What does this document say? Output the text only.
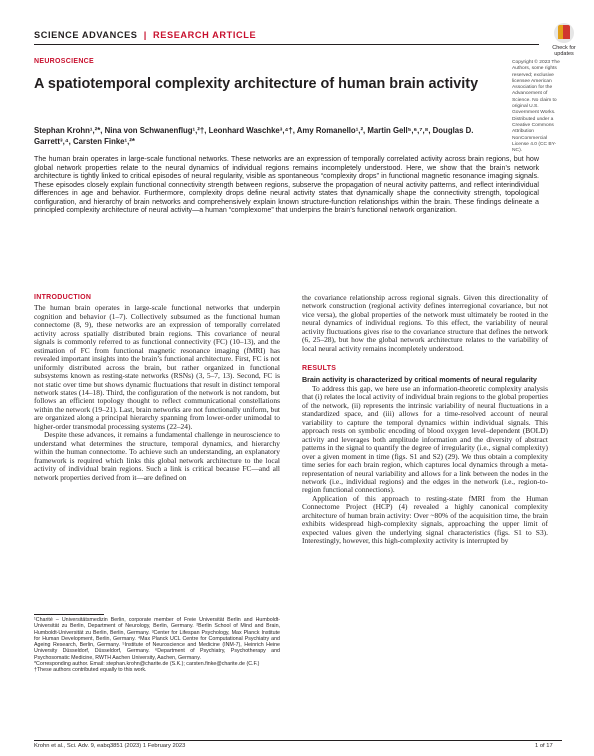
SCIENCE ADVANCES | RESEARCH ARTICLE
Check for updates
NEUROSCIENCE
A spatiotemporal complexity architecture of human brain activity
Stephan Krohn¹,²*, Nina von Schwanenflug¹,²†, Leonhard Waschke³,⁴†, Amy Romanello¹,², Martin Gell⁵,⁶,⁷,⁸, Douglas D. Garrett³,⁴, Carsten Finke¹,²*
Copyright © 2023 The Authors, some rights reserved; exclusive licensee American Association for the Advancement of Science. No claim to original U.S. Government Works. Distributed under a Creative Commons Attribution NonCommercial License 4.0 (CC BY-NC).
The human brain operates in large-scale functional networks. These networks are an expression of temporally correlated activity across brain regions, but how global network properties relate to the neural dynamics of individual regions remains incompletely understood. Here, we show that the brain’s network architecture is tightly linked to critical episodes of neural regularity, visible as spontaneous “complexity drops” in functional magnetic resonance imaging signals. These episodes closely explain functional connectivity strength between regions, subserve the propagation of neural activity patterns, and reflect interindividual differences in age and behavior. Furthermore, complexity drops define neural activity states that dynamically shape the connectivity strength, topological configuration, and hierarchy of brain networks and comprehensively explain known structure-function relationships within the brain. These findings delineate a principled complexity architecture of neural activity—a human “complexome” that underpins the brain’s functional network organization.
INTRODUCTION

The human brain operates in large-scale functional networks that underpin cognition and behavior (1–7). Collectively subsumed as the functional human connectome (8, 9), these networks are an expression of temporally correlated activity across spatially distributed brain regions. This covariance of neural signals is commonly referred to as functional connectivity (FC) (10–13), and the estimation of FC from functional magnetic resonance imaging (fMRI) has revealed important insights into the brain’s functional architecture. First, FC is not uniformly distributed across the brain, but rather organized in functional subsystems known as resting-state networks (RSNs) (3, 5–7, 13). Second, FC is not static over time but shows dynamic fluctuations that result in distinct temporal network states (14–18). Third, the configuration of the network is not random, but follows an efficient topology thought to reflect communicational constellations within the network (19–21). Last, brain networks are not functionally uniform, but are organized along a principal hierarchy spanning from lower-order unimodal to higher-order transmodal processing systems (22–24).

Despite these advances, it remains a fundamental challenge in neuroscience to understand what determines the structure, temporal dynamics, and hierarchy within the human connectome. To achieve such an understanding, an explanatory framework is required which links this global network architecture to the local activity of individual brain regions. Such a link is critical because FC—and all network properties derived from it—are defined on

the covariance relationship across regional signals. Given this directionality of network construction (regional activity defines interregional covariance, but not vice versa), the global properties of the network must ultimately be rooted in the neural dynamics of individual regions. To this effect, the variability of neural activity fluctuations gives rise to the covariance structure that defines the network (6, 25–28), but how the global network architecture relates to the variability of local neural activity remains incompletely understood.

RESULTS
Brain activity is characterized by critical moments of neural regularity

To address this gap, we here use an information-theoretic complexity analysis that (i) relates the local activity of individual brain regions to the global properties of the network, (ii) represents the intrinsic variability of neural fluctuations in a standardized space, and (iii) allows for a time-resolved account of neural variability to capture the temporal dynamics within individual signals. This approach rests on symbolic encoding of blood oxygen level–dependent (BOLD) activity and leverages both amplitude information and the diversity of abstract patterns in the signal to quantify the degree of irregularity (i.e., signal complexity) over a given moment in time (figs. S1 and S2) (29). We thus obtain a complexity time series for each brain region, which captures local dynamics through a meta-representation of neural variability and allows for a link between the nodes in the network (i.e., individual regions) and the edges in the network (i.e., region-to-region functional connections).

Application of this approach to resting-state fMRI from the Human Connectome Project (HCP) (4) revealed a highly canonical complexity architecture of human brain activity: Over ~80% of the acquisition time, the brain exhibits widespread high-complexity signals, approaching the upper limit of expected values given the underlying signal characteristics (figs. S1 to S3). Interestingly, however, this high-complexity activity is interrupted by

¹Charité – Universitätsmedizin Berlin, corporate member of Freie Universität Berlin and Humboldt-Universität zu Berlin, Department of Neurology, Berlin, Germany. ²Berlin School of Mind and Brain, Humboldt-Universität zu Berlin, Berlin, Germany. ³Center for Lifespan Psychology, Max Planck Institute for Human Development, Berlin, Germany. ⁴Max Planck UCL Centre for Computational Psychiatry and Ageing Research, Berlin, Germany. ⁵Institute of Neuroscience and Medicine (INM-7), Heinrich Heine University Düsseldorf, Düsseldorf, Germany. ⁶Department of Psychiatry, Psychotherapy and Psychosomatic Medicine, RWTH Aachen University, Aachen, Germany.

*Corresponding author. Email: stephan.krohn@charite.de (S.K.); carsten.finke@charite.de (C.F.)

†These authors contributed equally to this work.

Krohn et al., Sci. Adv. 9, eabq3851 (2023) 1 February 2023	1 of 17
